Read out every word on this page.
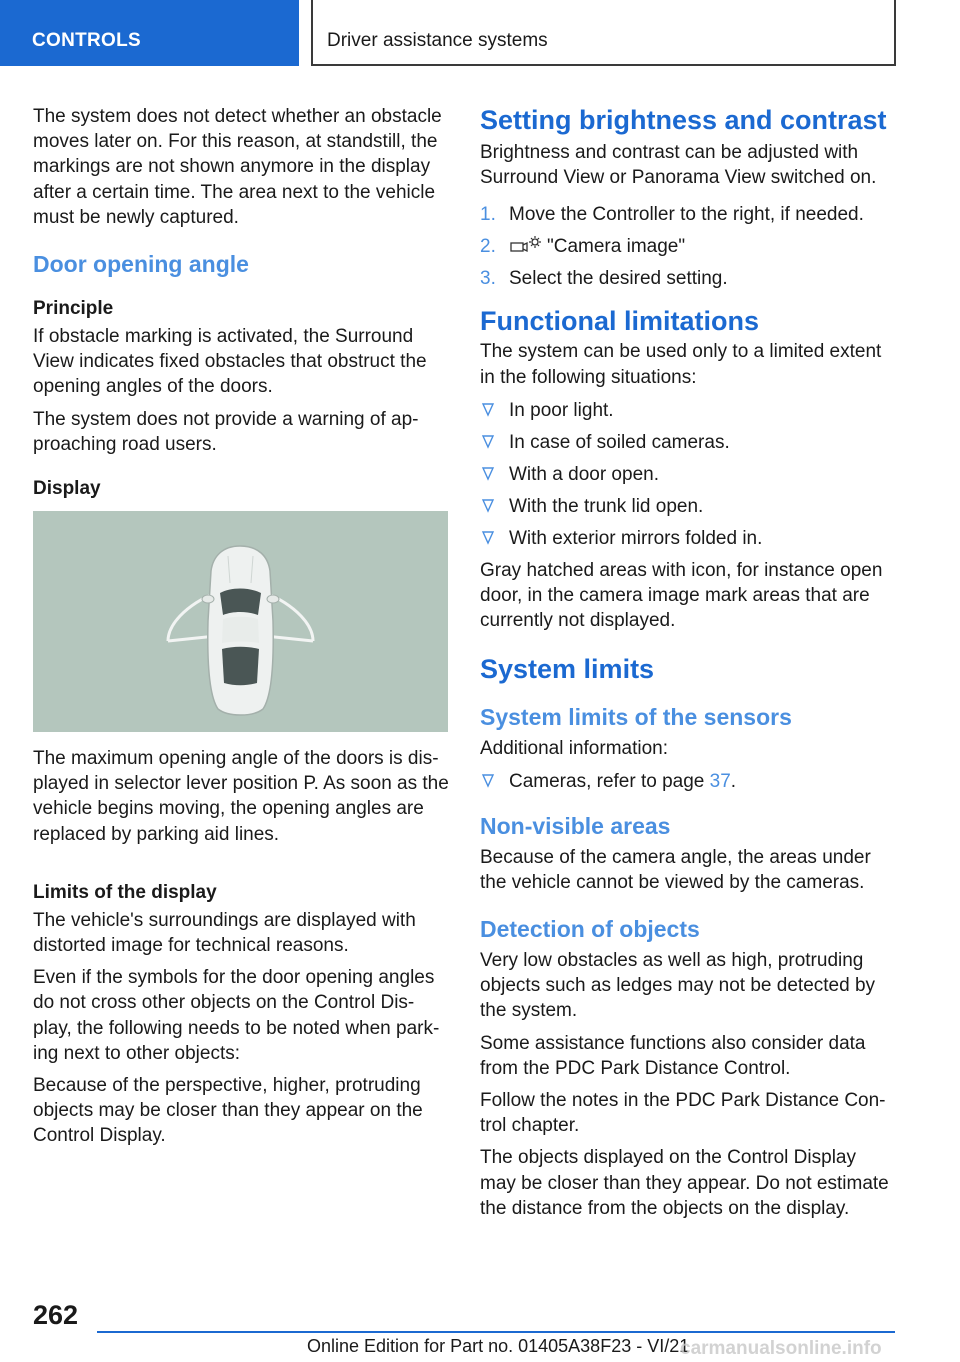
CONTROLS	Driver assistance systems

The system does not detect whether an obstacle moves later on. For this reason, at standstill, the markings are not shown anymore in the display after a certain time. The area next to the vehicle must be newly captured.

Door opening angle
Principle

If obstacle marking is activated, the Surround View indicates fixed obstacles that obstruct the opening angles of the doors.

The system does not provide a warning of ap-proaching road users.

Display

The maximum opening angle of the doors is dis-played in selector lever position P. As soon as the vehicle begins moving, the opening angles are replaced by parking aid lines.

Limits of the display

The vehicle's surroundings are displayed with distorted image for technical reasons.

Even if the symbols for the door opening angles do not cross other objects on the Control Dis-play, the following needs to be noted when park-ing next to other objects:

Because of the perspective, higher, protruding objects may be closer than they appear on the Control Display.

Setting brightness and contrast

Brightness and contrast can be adjusted with Surround View or Panorama View switched on.

1. Move the Controller to the right, if needed.
2.	"Camera image"
3. Select the desired setting.
Functional limitations

The system can be used only to a limited extent in the following situations:

In poor light.
In case of soiled cameras.
With a door open.
With the trunk lid open.
With exterior mirrors folded in.

Gray hatched areas with icon, for instance open door, in the camera image mark areas that are currently not displayed.

System limits
System limits of the sensors

Additional information:

Cameras, refer to page 37.
Non-visible areas

Because of the camera angle, the areas under the vehicle cannot be viewed by the cameras.

Detection of objects

Very low obstacles as well as high, protruding objects such as ledges may not be detected by the system.

Some assistance functions also consider data from the PDC Park Distance Control.

Follow the notes in the PDC Park Distance Con-trol chapter.

The objects displayed on the Control Display may be closer than they appear. Do not estimate the distance from the objects on the display.

262
Online Edition for Part no. 01405A38F23 - VI/21
carmanualsonline.info
